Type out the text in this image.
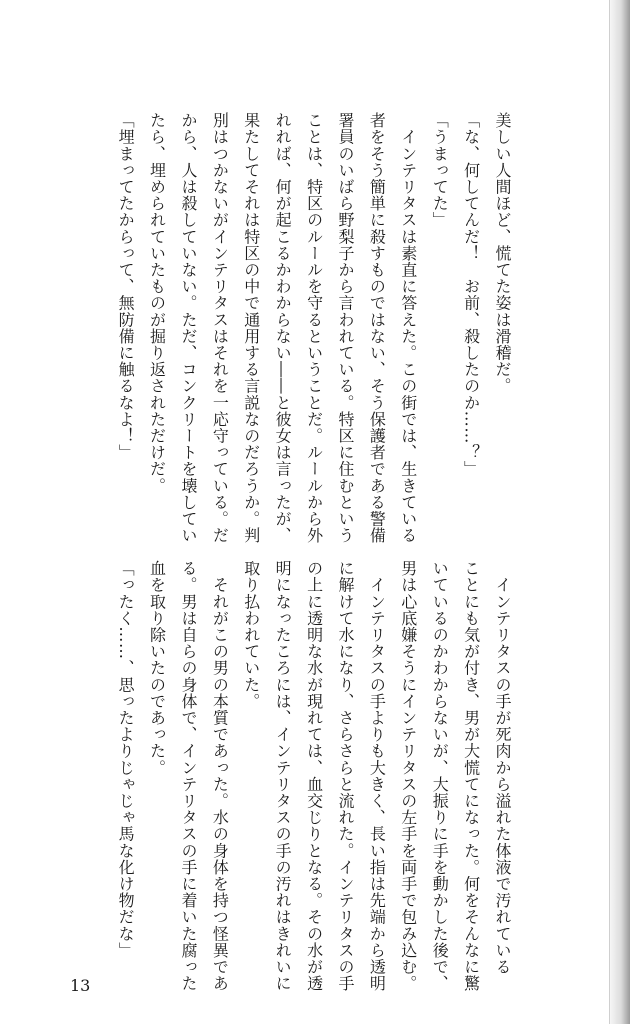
美しい人間ほど、慌てた姿は滑稽だ。
「な、何してんだ！　お前、殺したのか……？」
「うまってた」
　インテリタスは素直に答えた。この街では、生きている
者をそう簡単に殺すものではない、そう保護者である警備
署員のいばら野梨子から言われている。特区に住むという
ことは、特区のルールを守るということだ。ルールから外
れれば、何が起こるかわからない――と彼女は言ったが、
果たしてそれは特区の中で通用する言説なのだろうか。判
別はつかないがインテリタスはそれを一応守っている。だ
から、人は殺していない。ただ、コンクリートを壊してい
たら、埋められていたものが掘り返されただけだ。
「埋まってたからって、無防備に触るなよ！」
　インテリタスの手が死肉から溢れた体液で汚れている
ことにも気が付き、男が大慌てになった。何をそんなに驚
いているのかわからないが、大振りに手を動かした後で、
男は心底嫌そうにインテリタスの左手を両手で包み込む。
　インテリタスの手よりも大きく、長い指は先端から透明
に解けて水になり、さらさらと流れた。インテリタスの手
の上に透明な水が現れては、血交じりとなる。その水が透
明になったころには、インテリタスの手の汚れはきれいに
取り払われていた。
　それがこの男の本質であった。水の身体を持つ怪異であ
る。男は自らの身体で、インテリタスの手に着いた腐った
血を取り除いたのであった。
「ったく……、思ったよりじゃじゃ馬な化け物だな」
13
